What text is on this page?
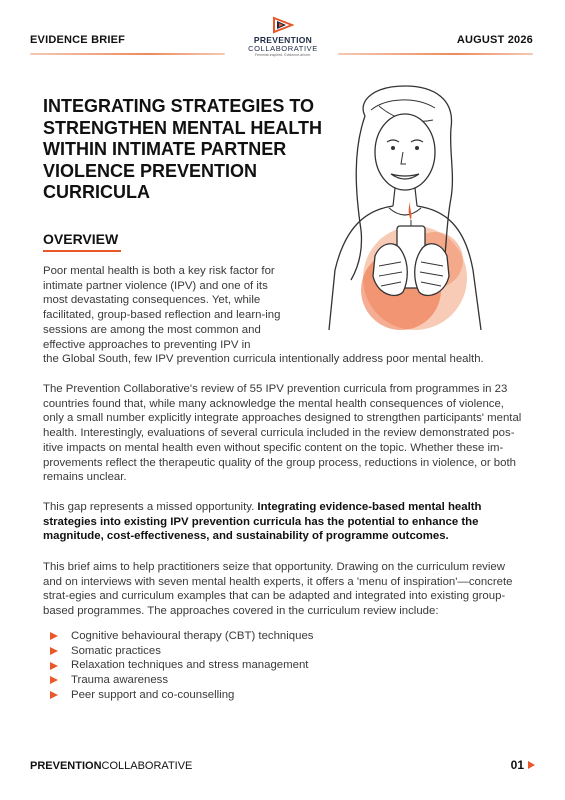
EVIDENCE BRIEF	AUGUST 2026
PREVENTION
COLLABORATIVE
Feminist-inspired. Evidence-driven.
INTEGRATING STRATEGIES TO STRENGTHEN MENTAL HEALTH WITHIN INTIMATE PARTNER VIOLENCE PREVENTION CURRICULA
OVERVIEW

Poor mental health is both a key risk factor for intimate partner violence (IPV) and one of its most devastating consequences. Yet, while facilitated, group-based reflection and learn-ing sessions are among the most common and effective approaches to preventing IPV in
the Global South, few IPV prevention curricula intentionally address poor mental health.

The Prevention Collaborative's review of 55 IPV prevention curricula from programmes in 23 countries found that, while many acknowledge the mental health consequences of violence, only a small number explicitly integrate approaches designed to strengthen participants' mental health. Interestingly, evaluations of several curricula included in the review demonstrated pos-itive impacts on mental health even without specific content on the topic. Whether these im-provements reflect the therapeutic quality of the group process, reductions in violence, or both remains unclear.

This gap represents a missed opportunity. Integrating evidence-based mental health strategies into existing IPV prevention curricula has the potential to enhance the magnitude, cost-effectiveness, and sustainability of programme outcomes.

This brief aims to help practitioners seize that opportunity. Drawing on the curriculum review and on interviews with seven mental health experts, it offers a 'menu of inspiration'—concrete strat-egies and curriculum examples that can be adapted and integrated into existing group-based programmes. The approaches covered in the curriculum review include:

Cognitive behavioural therapy (CBT) techniques
Somatic practices
Relaxation techniques and stress management
Trauma awareness
Peer support and co-counselling
PREVENTIONCOLLABORATIVE	01
